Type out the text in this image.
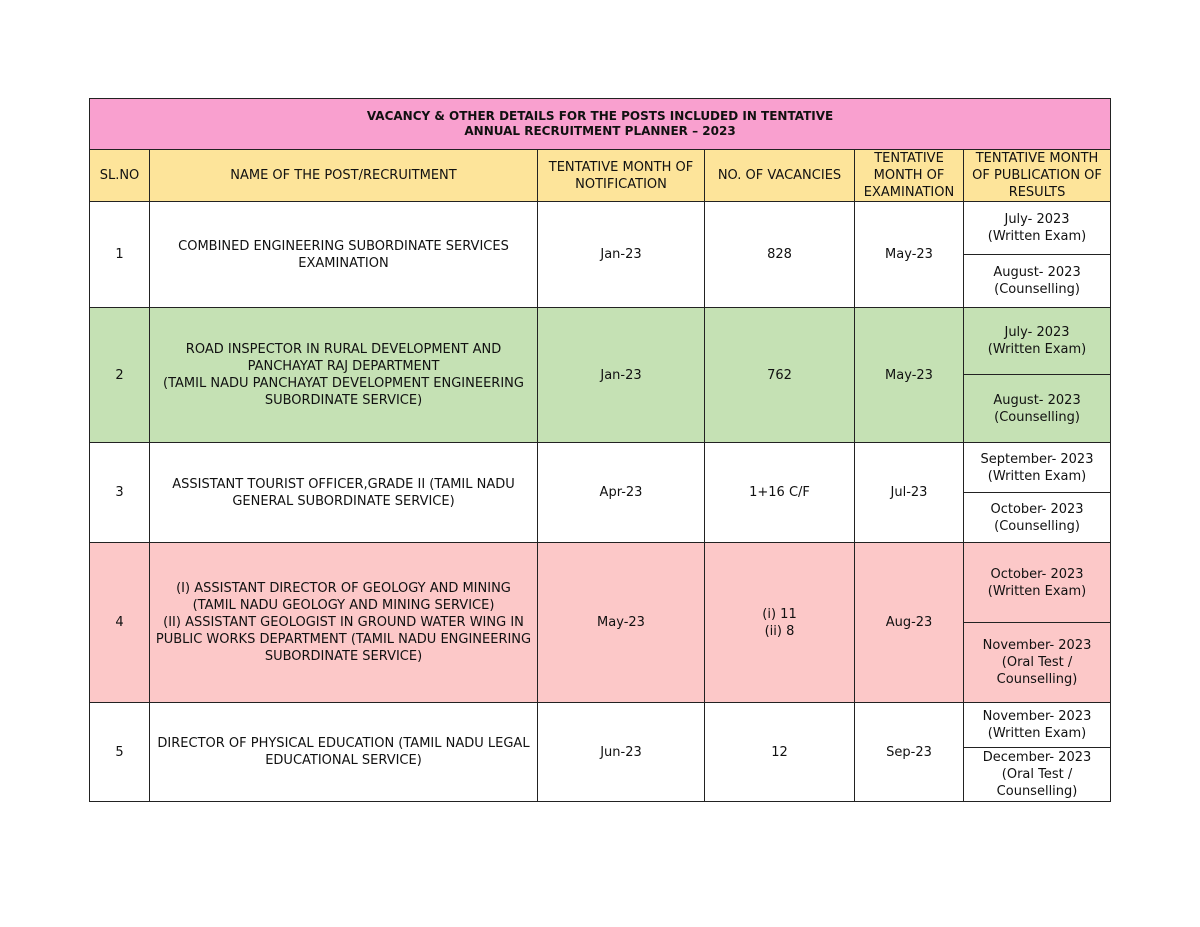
VACANCY & OTHER DETAILS FOR THE POSTS INCLUDED IN TENTATIVE
ANNUAL RECRUITMENT PLANNER – 2023					
SL.NO	NAME OF THE POST/RECRUITMENT	TENTATIVE MONTH OF NOTIFICATION	NO. OF VACANCIES	TENTATIVE MONTH OF EXAMINATION	TENTATIVE MONTH OF PUBLICATION OF RESULTS
1	COMBINED ENGINEERING SUBORDINATE SERVICES EXAMINATION	Jan-23	828	May-23	July- 2023
(Written Exam)
					August- 2023
(Counselling)
2	ROAD INSPECTOR IN RURAL DEVELOPMENT AND PANCHAYAT RAJ DEPARTMENT
(TAMIL NADU PANCHAYAT DEVELOPMENT ENGINEERING SUBORDINATE SERVICE)	Jan-23	762	May-23	July- 2023
(Written Exam)
					August- 2023
(Counselling)
3	ASSISTANT TOURIST OFFICER,GRADE II (TAMIL NADU GENERAL SUBORDINATE SERVICE)	Apr-23	1+16 C/F	Jul-23	September- 2023
(Written Exam)
					October- 2023
(Counselling)
4	(I) ASSISTANT DIRECTOR OF GEOLOGY AND MINING
(TAMIL NADU GEOLOGY AND MINING SERVICE)
(II) ASSISTANT GEOLOGIST IN GROUND WATER WING IN PUBLIC WORKS DEPARTMENT (TAMIL NADU ENGINEERING SUBORDINATE SERVICE)	May-23	(i) 11
(ii) 8	Aug-23	October- 2023
(Written Exam)
					November- 2023
(Oral Test /
Counselling)
5	DIRECTOR OF PHYSICAL EDUCATION (TAMIL NADU LEGAL EDUCATIONAL SERVICE)	Jun-23	12	Sep-23	November- 2023
(Written Exam)
					December- 2023
(Oral Test /
Counselling)
